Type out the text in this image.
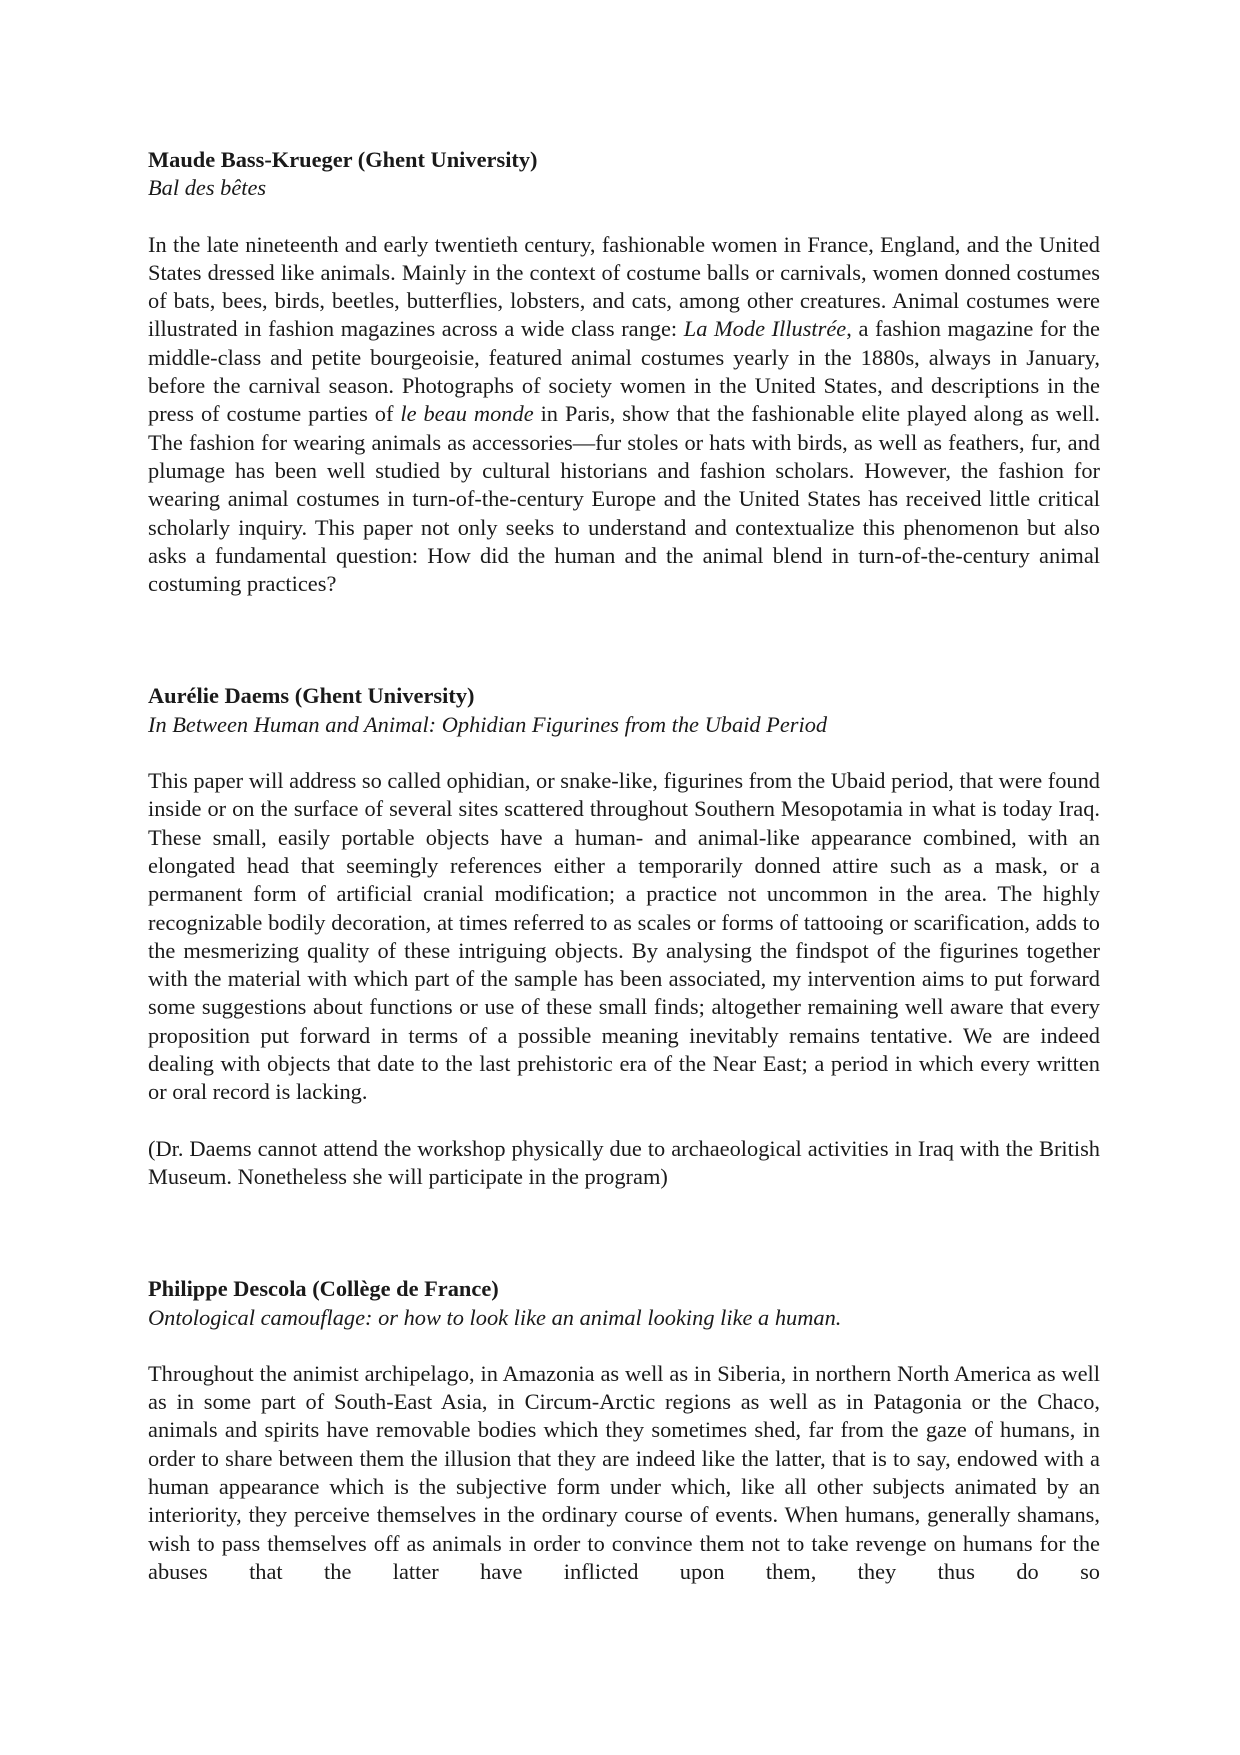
Maude Bass-Krueger (Ghent University)

Bal des bêtes

In the late nineteenth and early twentieth century, fashionable women in France, England, and the United States dressed like animals. Mainly in the context of costume balls or carnivals, women donned costumes of bats, bees, birds, beetles, butterflies, lobsters, and cats, among other creatures. Animal costumes were illustrated in fashion magazines across a wide class range: La Mode Illustrée, a fashion magazine for the middle-class and petite bourgeoisie, featured animal costumes yearly in the 1880s, always in January, before the carnival season. Photographs of society women in the United States, and descriptions in the press of costume parties of le beau monde in Paris, show that the fashionable elite played along as well. The fashion for wearing animals as accessories—fur stoles or hats with birds, as well as feathers, fur, and plumage has been well studied by cultural historians and fashion scholars. However, the fashion for wearing animal costumes in turn-of-the-century Europe and the United States has received little critical scholarly inquiry. This paper not only seeks to understand and contextualize this phenomenon but also asks a fundamental question: How did the human and the animal blend in turn-of-the-century animal costuming practices?

Aurélie Daems (Ghent University)

In Between Human and Animal: Ophidian Figurines from the Ubaid Period

This paper will address so called ophidian, or snake-like, figurines from the Ubaid period, that were found inside or on the surface of several sites scattered throughout Southern Mesopotamia in what is today Iraq. These small, easily portable objects have a human- and animal-like appearance combined, with an elongated head that seemingly references either a temporarily donned attire such as a mask, or a permanent form of artificial cranial modification; a practice not uncommon in the area. The highly recognizable bodily decoration, at times referred to as scales or forms of tattooing or scarification, adds to the mesmerizing quality of these intriguing objects. By analysing the findspot of the figurines together with the material with which part of the sample has been associated, my intervention aims to put forward some suggestions about functions or use of these small finds; altogether remaining well aware that every proposition put forward in terms of a possible meaning inevitably remains tentative. We are indeed dealing with objects that date to the last prehistoric era of the Near East; a period in which every written or oral record is lacking.

(Dr. Daems cannot attend the workshop physically due to archaeological activities in Iraq with the British Museum. Nonetheless she will participate in the program)

Philippe Descola (Collège de France)

Ontological camouflage: or how to look like an animal looking like a human.

Throughout the animist archipelago, in Amazonia as well as in Siberia, in northern North America as well as in some part of South-East Asia, in Circum-Arctic regions as well as in Patagonia or the Chaco, animals and spirits have removable bodies which they sometimes shed, far from the gaze of humans, in order to share between them the illusion that they are indeed like the latter, that is to say, endowed with a human appearance which is the subjective form under which, like all other subjects animated by an interiority, they perceive themselves in the ordinary course of events. When humans, generally shamans, wish to pass themselves off as animals in order to convince them not to take revenge on humans for the abuses that the latter have inflicted upon them, they thus do so
